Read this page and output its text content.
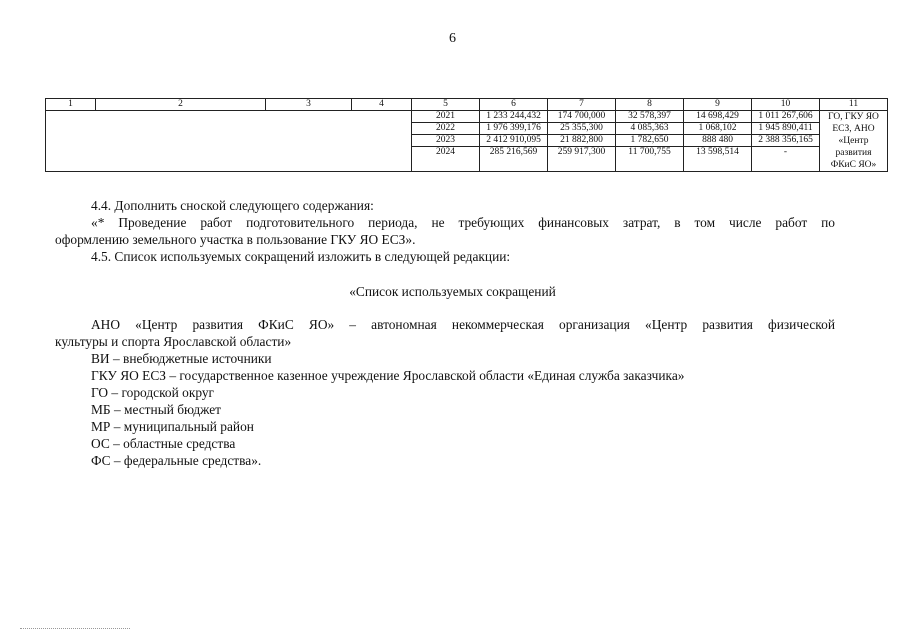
6
1	2	3	4	5	6	7	8	9	10	11
				2021	1 233 244,432	174 700,000	32 578,397	14 698,429	1 011 267,606	ГО, ГКУ ЯО ЕСЗ, АНО «Центр развития ФКиС ЯО»
				2022	1 976 399,176	25 355,300	4 085,363	1 068,102	1 945 890,411	
				2023	2 412 910,095	21 882,800	1 782,650	888 480	2 388 356,165	
				2024	285 216,569	259 917,300	11 700,755	13 598,514	-	

4.4. Дополнить сноской следующего содержания:

«* Проведение работ подготовительного периода, не требующих финансовых затрат, в том числе работ по

оформлению земельного участка в пользование ГКУ ЯО ЕСЗ».

4.5. Список используемых сокращений изложить в следующей редакции:

«Список используемых сокращений

АНО «Центр развития ФКиС ЯО» – автономная некоммерческая организация «Центр развития физической

культуры и спорта Ярославской области»

ВИ – внебюджетные источники

ГКУ ЯО ЕСЗ – государственное казенное учреждение Ярославской области «Единая служба заказчика»

ГО – городской округ

МБ – местный бюджет

МР – муниципальный район

ОС – областные средства

ФС – федеральные средства».
